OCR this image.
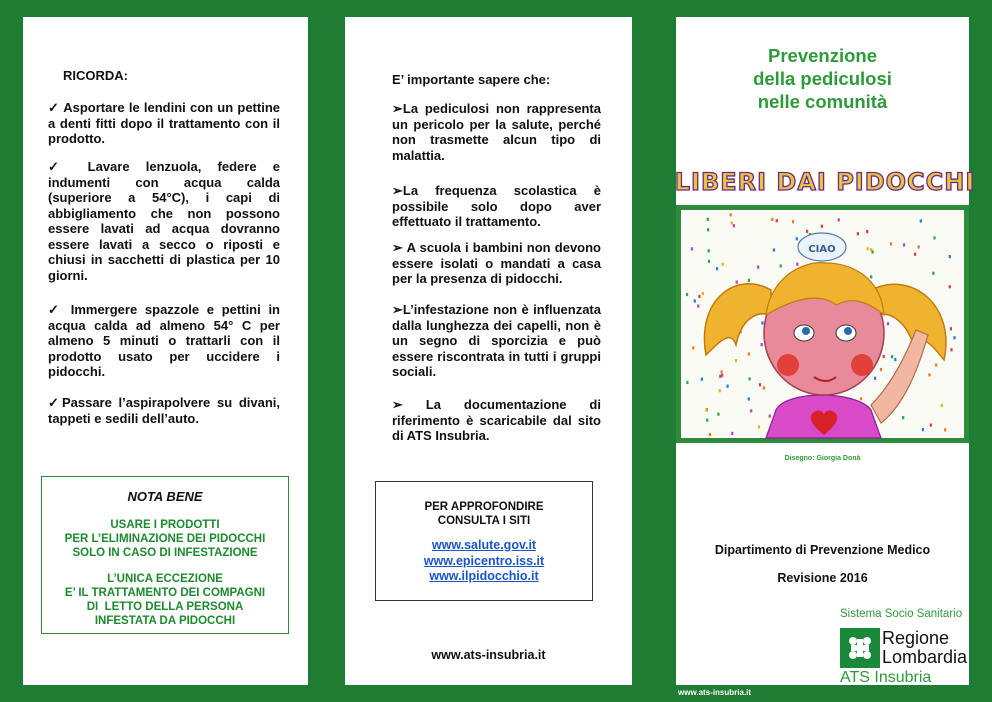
RICORDA:
✓ Asportare le lendini con un pettine a denti fitti dopo il trattamento con il prodotto.
✓ Lavare lenzuola, federe e indumenti con acqua calda (superiore a 54°C), i capi di abbigliamento che non possono essere lavati ad acqua dovranno essere lavati a secco o riposti e chiusi in sacchetti di plastica per 10 giorni.
✓ Immergere spazzole e pettini in acqua calda ad almeno 54° C per almeno 5 minuti o trattarli con il prodotto usato per uccidere i pidocchi.
✓Passare l’aspirapolvere su divani, tappeti e sedili dell’auto.
NOTA BENE
USARE I PRODOTTI
PER L’ELIMINAZIONE DEI PIDOCCHI
SOLO IN CASO DI INFESTAZIONE
L’UNICA ECCEZIONE
E’ IL TRATTAMENTO DEI COMPAGNI
DI  LETTO DELLA PERSONA
INFESTATA DA PIDOCCHI
E’ importante sapere che:
➢La pediculosi non rappresenta un pericolo per la salute, perché non trasmette alcun tipo di malattia.
➢La frequenza scolastica è possibile solo dopo aver effettuato il trattamento.
➢ A scuola i bambini non devono essere isolati o mandati a casa per la presenza di pidocchi.
➢L’infestazione non è influenzata dalla lunghezza dei capelli, non è un segno di sporcizia e può essere riscontrata in tutti i gruppi sociali.
➢ La documentazione di riferimento è scaricabile dal sito di ATS Insubria.
PER APPROFONDIRE
CONSULTA I SITI
www.salute.gov.it
www.epicentro.iss.it
www.ilpidocchio.it
www.ats-insubria.it
Prevenzione
della pediculosi
nelle comunità
LIBERI DAI PIDOCCHI
CIAO
Disegno: Giorgia Donà
Dipartimento di Prevenzione Medico
Revisione 2016
Sistema Socio Sanitario
Regione
Lombardia
ATS Insubria
www.ats-insubria.it
